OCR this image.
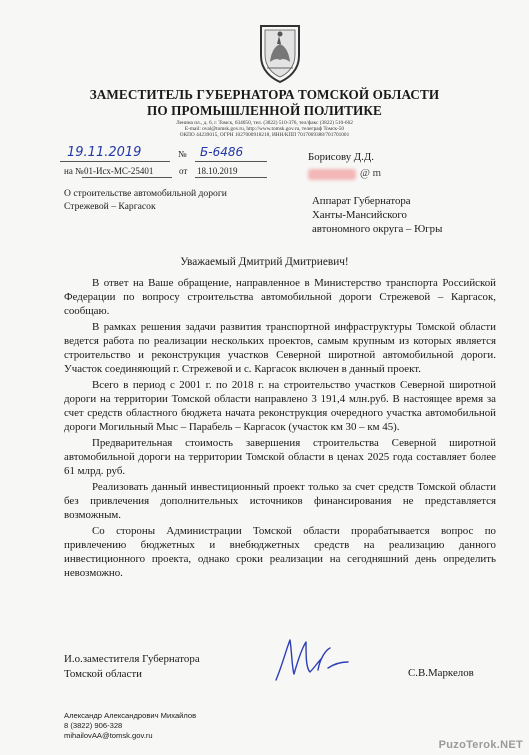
ЗАМЕСТИТЕЛЬ ГУБЕРНАТОРА ТОМСКОЙ ОБЛАСТИ
ПО ПРОМЫШЛЕННОЙ ПОЛИТИКЕ
Ленина пл., д. 6, г. Томск, 634050, тел. (3822) 510-376, тел/факс (3822) 510-662
E-mail: oval@tomsk.gov.ru, http://www.tomsk.gov.ru, телеграф Томск-50
ОКПО 44239015, ОГРН 1027000918218, ИНН/КПП 7017069388/701701001
19.11.2019	№ Б-6486
на № 01-Исх-МС-25401	от 18.10.2019
О строительстве автомобильной дороги
Стрежевой – Каргасок
Борисову Д.Д.
@ m
Аппарат Губернатора
Ханты-Мансийского
автономного округа – Югры
Уважаемый Дмитрий Дмитриевич!

В ответ на Ваше обращение, направленное в Министерство транспорта Российской Федерации по вопросу строительства автомобильной дороги Стрежевой – Каргасок, сообщаю.

В рамках решения задачи развития транспортной инфраструктуры Томской области ведется работа по реализации нескольких проектов, самым крупным из которых является строительство и реконструкция участков Северной широтной автомобильной дороги. Участок соединяющий г. Стрежевой и с. Каргасок включен в данный проект.

Всего в период с 2001 г. по 2018 г. на строительство участков Северной широтной дороги на территории Томской области направлено 3 191,4 млн.руб. В настоящее время за счет средств областного бюджета начата реконструкция очередного участка автомобильной дороги Могильный Мыс – Парабель – Каргасок (участок км 30 – км 45).

Предварительная стоимость завершения строительства Северной широтной автомобильной дороги на территории Томской области в ценах 2025 года составляет более 61 млрд. руб.

Реализовать данный инвестиционный проект только за счет средств Томской области без привлечения дополнительных источников финансирования не представляется возможным.

Со стороны Администрации Томской области прорабатывается вопрос по привлечению бюджетных и внебюджетных средств на реализацию данного инвестиционного проекта, однако сроки реализации на сегодняшний день определить невозможно.

И.о.заместителя Губернатора
Томской области	С.В.Маркелов
Александр Александрович Михайлов
8 (3822) 906-328
mihailovAA@tomsk.gov.ru
PuzoTerok.NET
